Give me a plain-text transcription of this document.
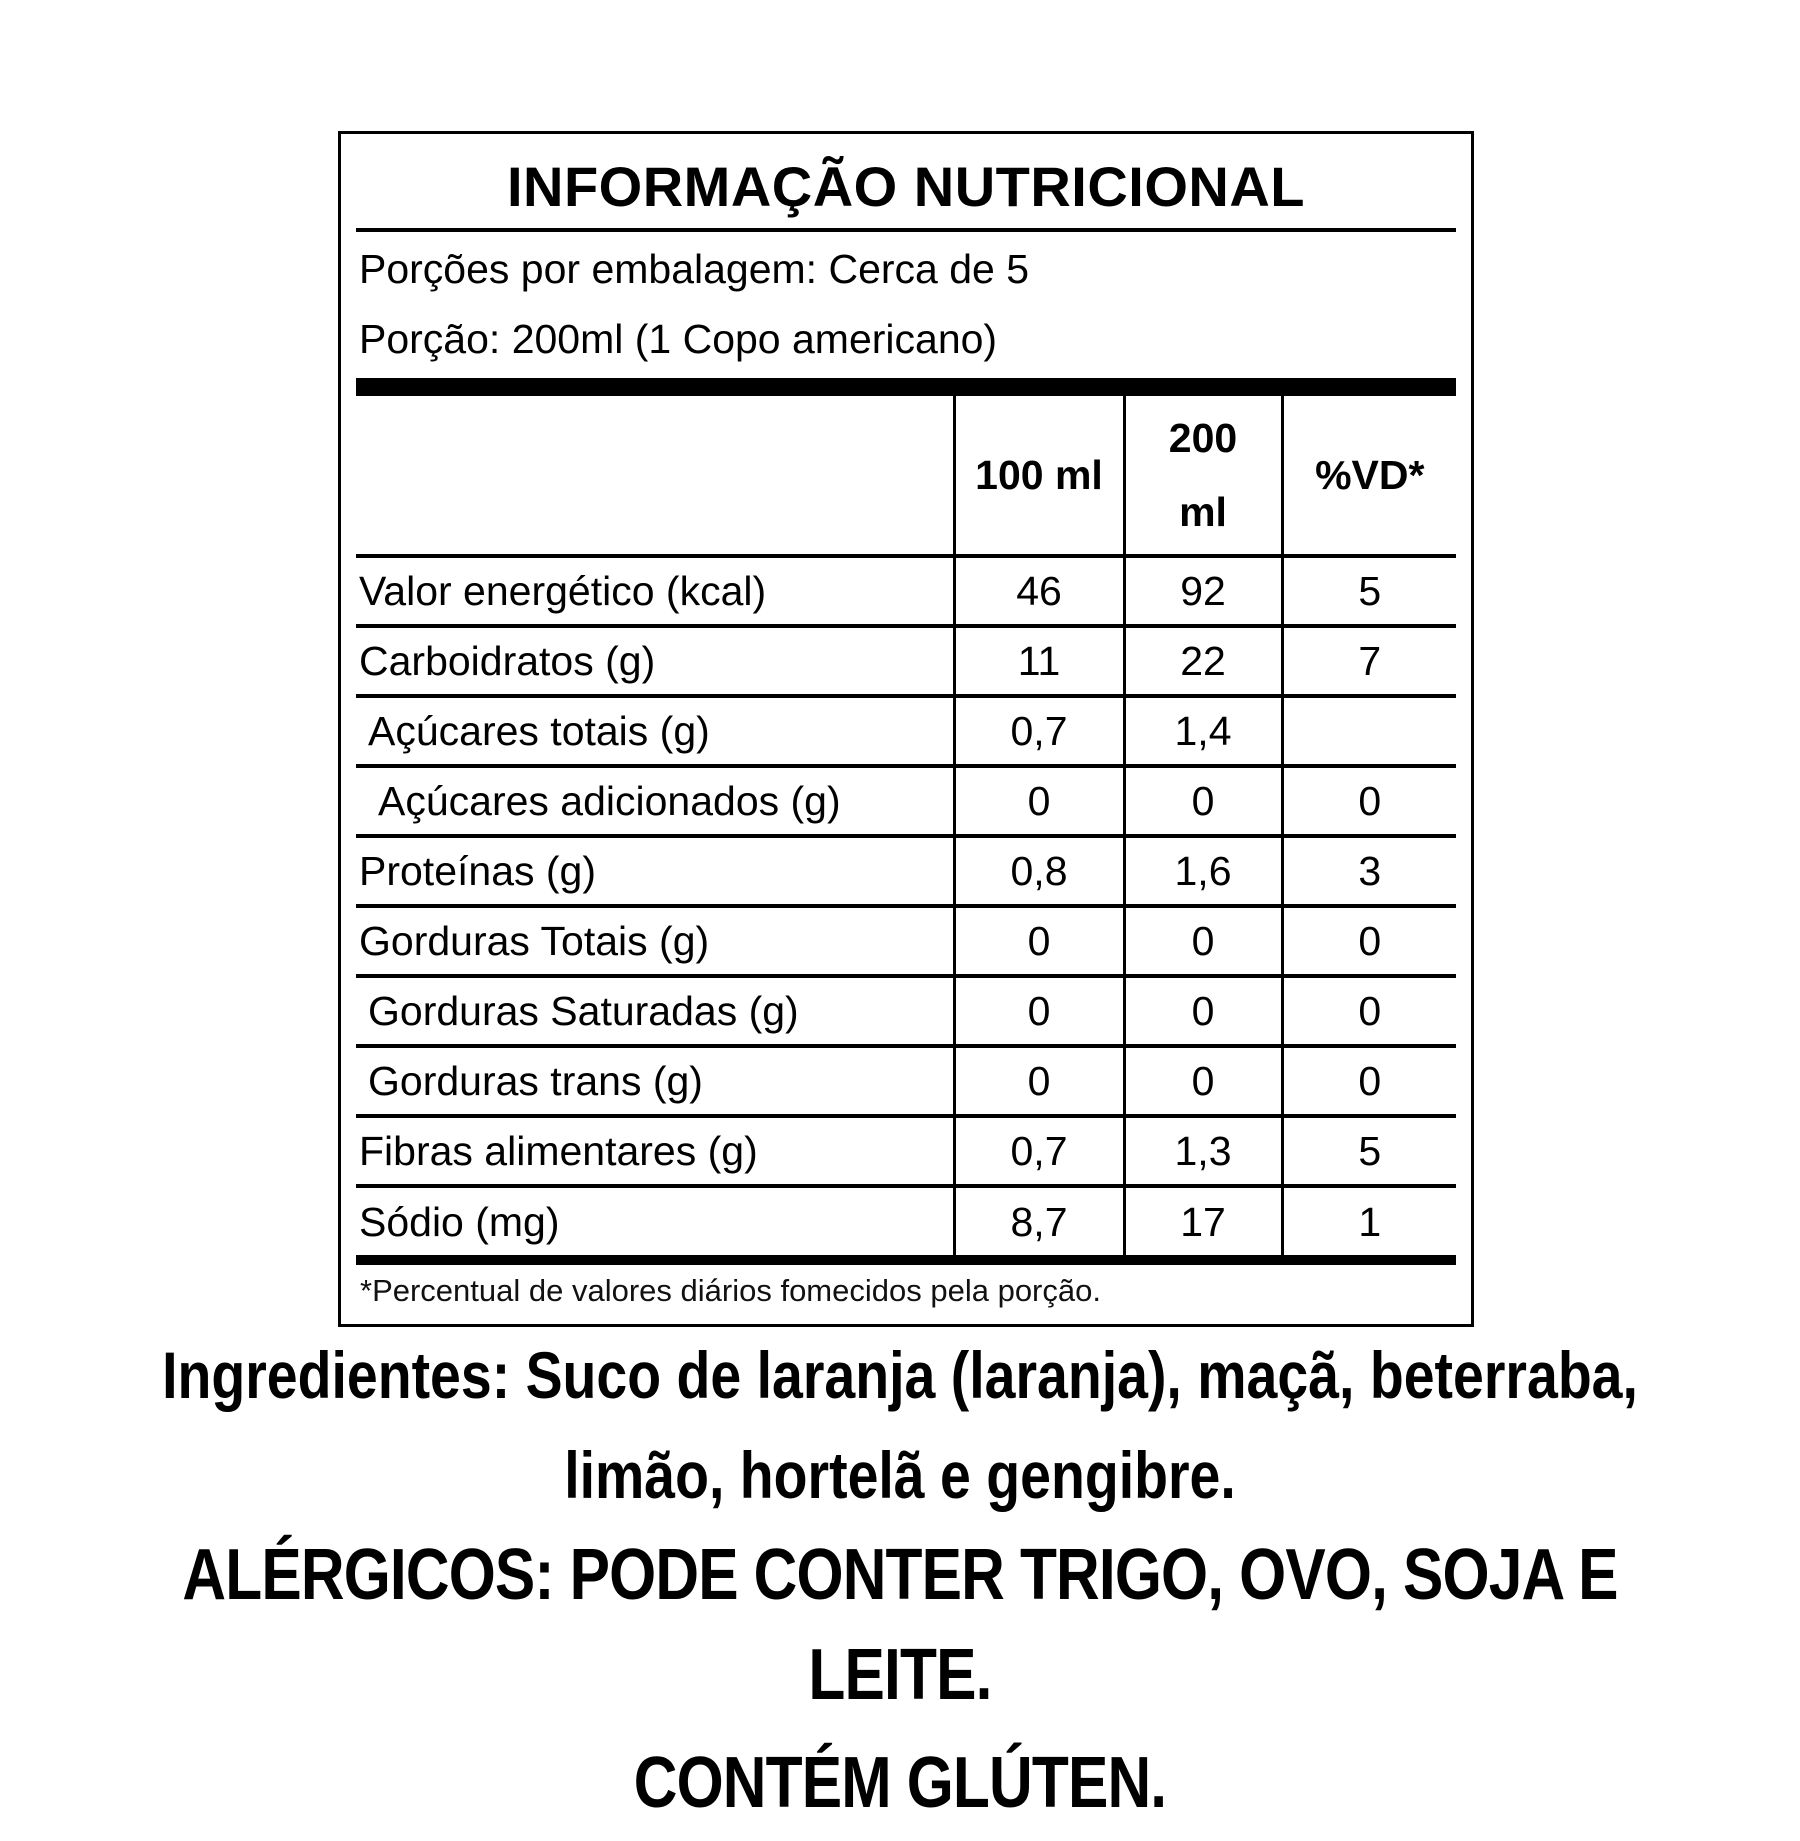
INFORMAÇÃO NUTRICIONAL
Porções por embalagem: Cerca de 5
Porção: 200ml (1 Copo americano)
	100 ml	200 ml	%VD*
Valor energético (kcal)	46	92	5
Carboidratos (g)	11	22	7
Açúcares totais (g)	0,7	1,4	
Açúcares adicionados (g)	0	0	0
Proteínas (g)	0,8	1,6	3
Gorduras Totais (g)	0	0	0
Gorduras Saturadas (g)	0	0	0
Gorduras trans (g)	0	0	0
Fibras alimentares (g)	0,7	1,3	5
Sódio (mg)	8,7	17	1
*Percentual de valores diários fomecidos pela porção.
Ingredientes: Suco de laranja (laranja), maçã, beterraba,
limão, hortelã e gengibre.
ALÉRGICOS: PODE CONTER TRIGO, OVO, SOJA E LEITE.
CONTÉM GLÚTEN.
